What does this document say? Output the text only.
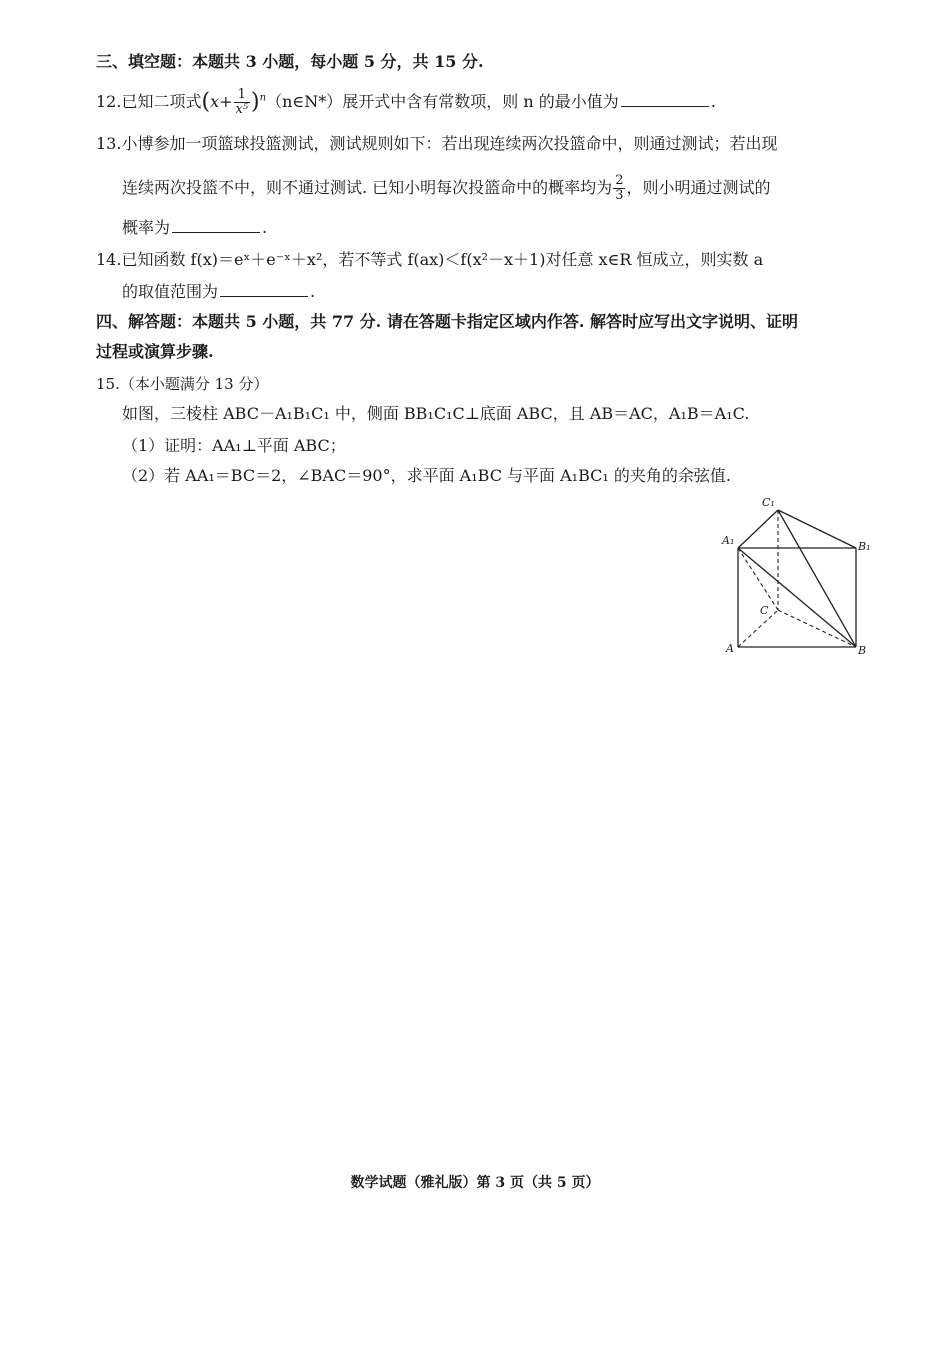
三、填空题：本题共 3 小题，每小题 5 分，共 15 分.
12.已知二项式($x+ \frac{1}{\text{x⁵}}$ )$^n(n\in N*)$展开式中含有常数项，则 n 的最小值为	.
13.小博参加一项篮球投篮测试，测试规则如下：若出现连续两次投篮命中，则通过测试；若出现
连续两次投篮不中，则不通过测试. 已知小明每次投篮命中的概率均为 $\frac{2}{3}$ ，则小明通过测试的
概率为	.
14.已知函数 f(x)＝eˣ＋e⁻ˣ＋x²，若不等式 f(ax)＜f(x²－x＋1)对任意 x∈R 恒成立，则实数 a
的取值范围为	.
四、解答题：本题共 5 小题，共 77 分. 请在答题卡指定区域内作答. 解答时应写出文字说明、证明
过程或演算步骤.
15.（本小题满分 13 分）
如图，三棱柱 ABC－A₁B₁C₁ 中，侧面 BB₁C₁C⊥底面 ABC，且 AB＝AC，A₁B＝A₁C.
（1）证明：AA₁⊥平面 ABC；
（2）若 AA₁＝BC＝2，∠BAC＝90°，求平面 A₁BC 与平面 A₁BC₁ 的夹角的余弦值.
C₁
A₁	B₁
C
A	B
数学试题（雅礼版）第 3 页（共 5 页）
